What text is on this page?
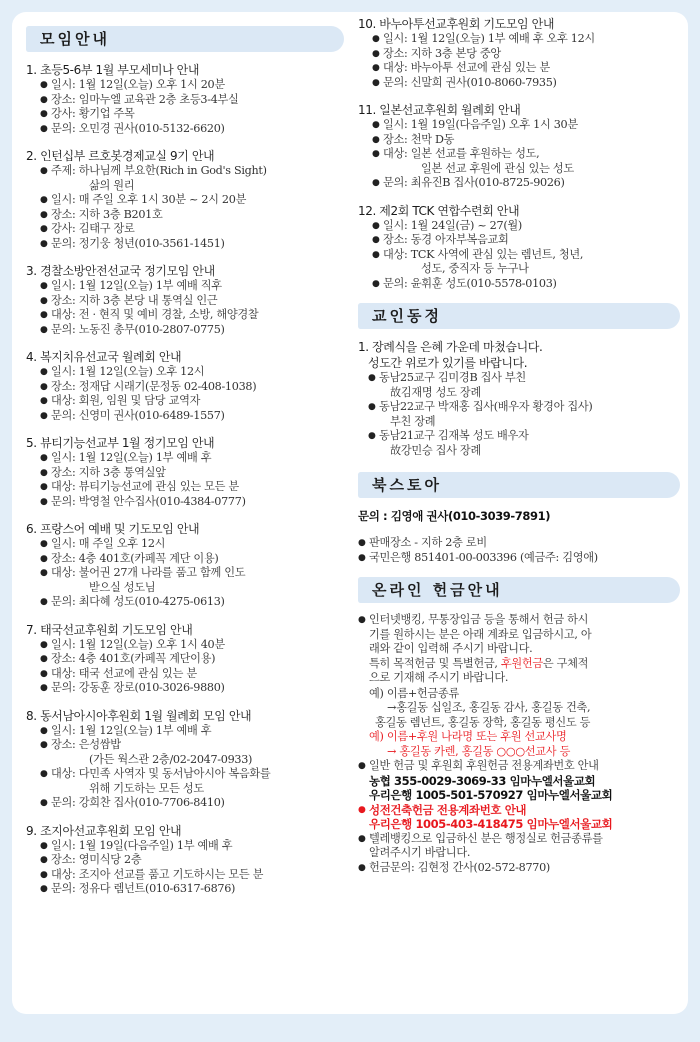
모임안내
1. 초등5-6부 1월 부모세미나 안내
● 일시: 1월 12일(오늘) 오후 1시 20분
● 장소: 임마누엘 교육관 2층 초등3-4부실
● 강사: 황기업 주목
● 문의: 오민경 권사(010-5132-6620)
2. 인턴십부 르호봇경제교실 9기 안내
● 주제: 하나님께 부요한(Rich in God's Sight)
삶의 원리
● 일시: 매 주일 오후 1시 30분 ~ 2시 20분
● 장소: 지하 3층 B201호
● 강사: 김태구 장로
● 문의: 정기웅 청년(010-3561-1451)
3. 경찰소방안전선교국 정기모임 안내
● 일시: 1월 12일(오늘) 1부 예배 직후
● 장소: 지하 3층 본당 내 통역실 인근
● 대상: 전 · 현직 및 예비 경찰, 소방, 해양경찰
● 문의: 노동진 총무(010-2807-0775)
4. 복지치유선교국 월례회 안내
● 일시: 1월 12일(오늘) 오후 12시
● 장소: 정재답 시래기(문정동 02-408-1038)
● 대상: 회원, 임원 및 담당 교역자
● 문의: 신영미 권사(010-6489-1557)
5. 뷰티기능선교부 1월 정기모임 안내
● 일시: 1월 12일(오늘) 1부 예배 후
● 장소: 지하 3층 통역실앞
● 대상: 뷰티기능선교에 관심 있는 모든 분
● 문의: 박영철 안수집사(010-4384-0777)
6. 프랑스어 예배 및 기도모임 안내
● 일시: 매 주일 오후 12시
● 장소: 4층 401호(카페꼭 계단 이용)
● 대상: 불어권 27개 나라를 품고 함께 인도
받으실 성도님
● 문의: 최다혜 성도(010-4275-0613)
7. 태국선교후원회 기도모임 안내
● 일시: 1월 12일(오늘) 오후 1시 40분
● 장소: 4층 401호(카페꼭 계단이용)
● 대상: 태국 선교에 관심 있는 분
● 문의: 강동훈 장로(010-3026-9880)
8. 동서남아시아후원회 1월 월례회 모임 안내
● 일시: 1월 12일(오늘) 1부 예배 후
● 장소: 은성쌈밥
(가든 웍스관 2층/02-2047-0933)
● 대상: 다민족 사역자 및 동서남아시아 복음화를
위해 기도하는 모든 성도
● 문의: 강희찬 집사(010-7706-8410)
9. 조지아선교후원회 모임 안내
● 일시: 1월 19일(다음주일) 1부 예배 후
● 장소: 영미식당 2층
● 대상: 조지아 선교를 품고 기도하시는 모든 분
● 문의: 정유다 렘넌트(010-6317-6876)
10. 바누아투선교후원회 기도모임 안내
● 일시: 1월 12일(오늘) 1부 예배 후 오후 12시
● 장소: 지하 3층 본당 중앙
● 대상: 바누아투 선교에 관심 있는 분
● 문의: 신말희 권사(010-8060-7935)
11. 일본선교후원회 월례회 안내
● 일시: 1월 19일(다음주일) 오후 1시 30분
● 장소: 천막 D동
● 대상: 일본 선교를 후원하는 성도,
일본 선교 후원에 관심 있는 성도
● 문의: 최유진B 집사(010-8725-9026)
12. 제2회 TCK 연합수련회 안내
● 일시: 1월 24일(금) ~ 27(월)
● 장소: 동경 아자부복음교회
● 대상: TCK 사역에 관심 있는 렘넌트, 청년,
성도, 중직자 등 누구나
● 문의: 윤휘훈 성도(010-5578-0103)
교인동정
1. 장례식을 은혜 가운데 마쳤습니다.
성도간 위로가 있기를 바랍니다.
● 동남25교구 김미경B 집사 부친
故김재명 성도 장례
● 동남22교구 박재홍 집사(배우자 황경아 집사)
부친 장례
● 동남21교구 김재복 성도 배우자
故강민승 집사 장례
북스토아
문의 : 김영애 권사(010-3039-7891)
● 판매장소 - 지하 2층 로비
● 국민은행 851401-00-003396 (예금주: 김영애)
온라인 헌금안내
● 인터넷뱅킹, 무통장입금 등을 통해서 헌금 하시
기를 원하시는 분은 아래 계좌로 입금하시고, 아
래와 같이 입력해 주시기 바랍니다.
특히 목적헌금 및 특별헌금, 후원헌금은 구체적
으로 기재해 주시기 바랍니다.
예) 이름+헌금종류
→홍길동 십일조, 홍길동 감사, 홍길동 건축,
홍길동 렘넌트, 홍길동 장학, 홍길동 평신도 등
예) 이름+후원 나라명 또는 후원 선교사명
→ 홍길동 카렌, 홍길동 ○○○선교사 등
● 일반 헌금 및 후원회 후원헌금 전용계좌번호 안내
농협 355-0029-3069-33 임마누엘서울교회
우리은행 1005-501-570927 임마누엘서울교회
● 성전건축헌금 전용계좌번호 안내
우리은행 1005-403-418475 임마누엘서울교회
● 텔레뱅킹으로 입금하신 분은 행정실로 헌금종류를
알려주시기 바랍니다.
● 헌금문의: 김현정 간사(02-572-8770)
